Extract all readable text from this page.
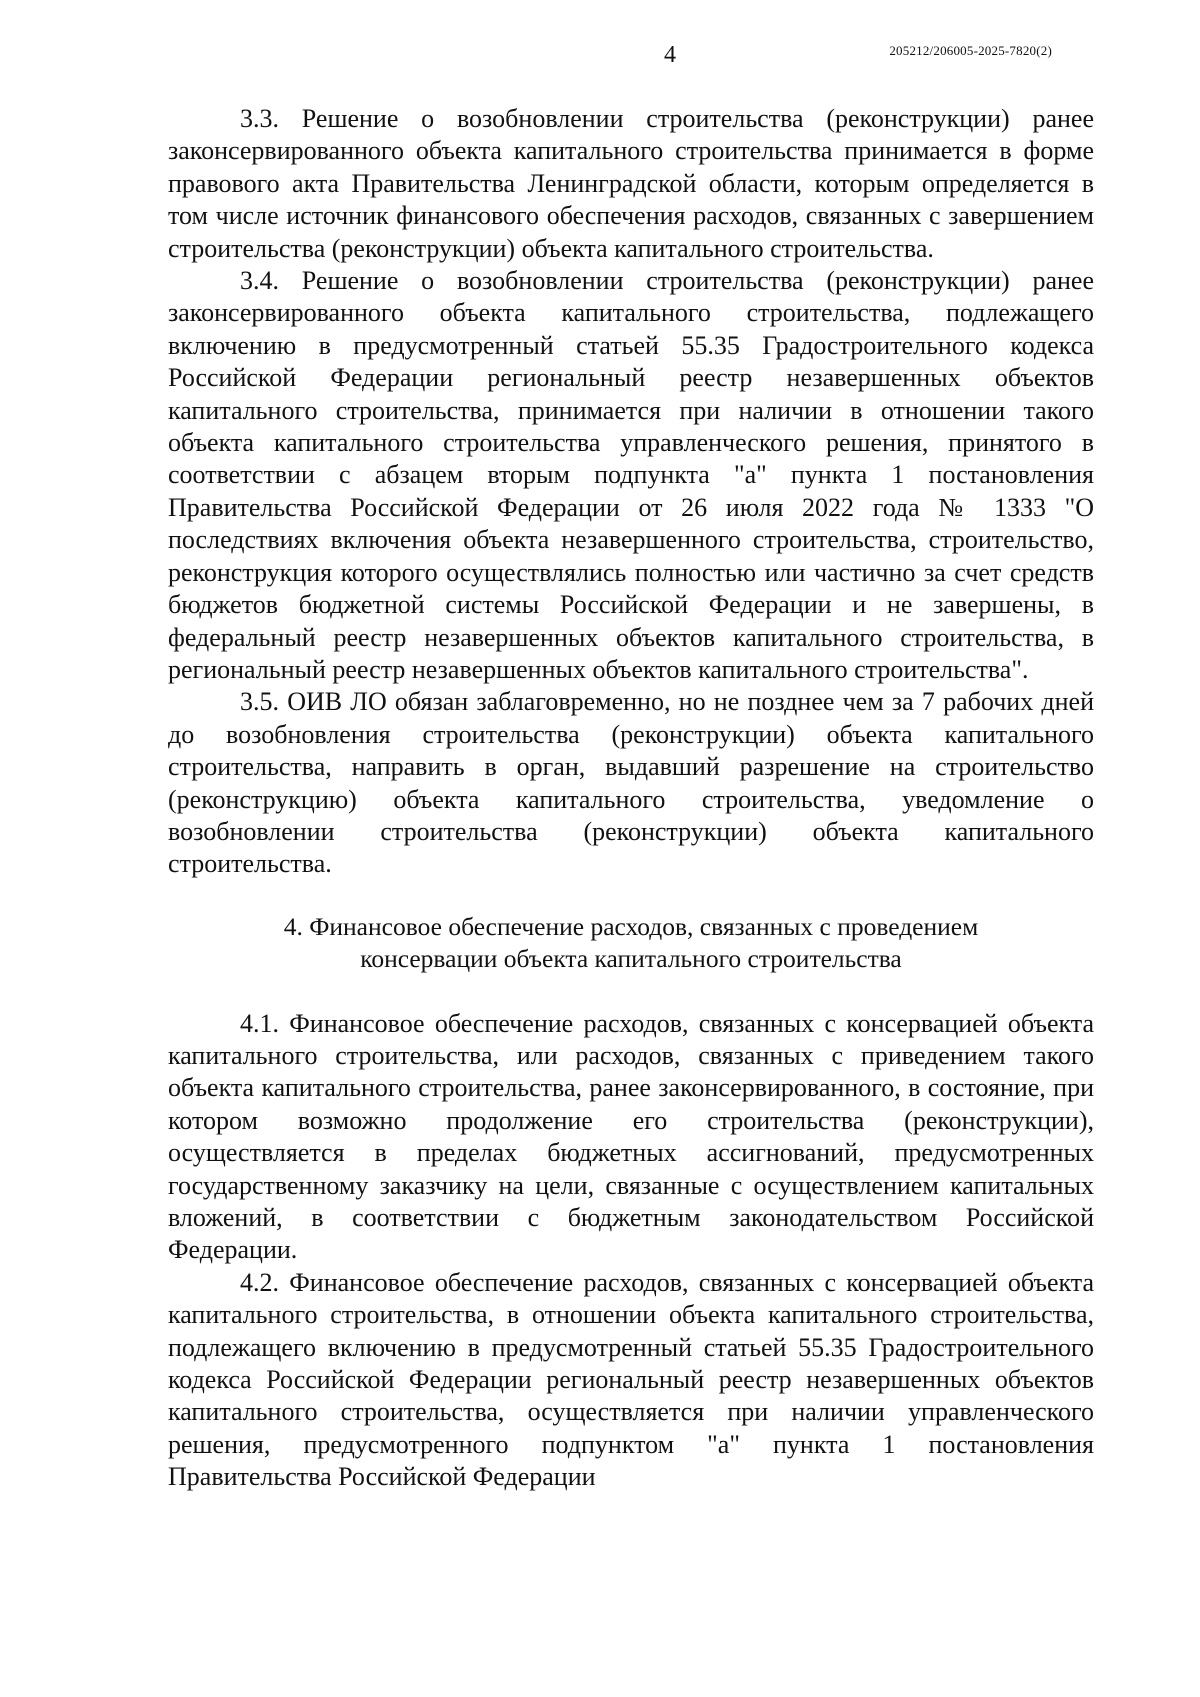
4	205212/206005-2025-7820(2)

3.3. Решение о возобновлении строительства (реконструкции) ранее законсервированного объекта капитального строительства принимается в форме правового акта Правительства Ленинградской области, которым определяется в том числе источник финансового обеспечения расходов, связанных с завершением строительства (реконструкции) объекта капитального строительства.

3.4. Решение о возобновлении строительства (реконструкции) ранее законсервированного объекта капитального строительства, подлежащего включению в предусмотренный статьей 55.35 Градостроительного кодекса Российской Федерации региональный реестр незавершенных объектов капитального строительства, принимается при наличии в отношении такого объекта капитального строительства управленческого решения, принятого в соответствии с абзацем вторым подпункта "а" пункта 1 постановления Правительства Российской Федерации от 26 июля 2022 года № 1333 "О последствиях включения объекта незавершенного строительства, строительство, реконструкция которого осуществлялись полностью или частично за счет средств бюджетов бюджетной системы Российской Федерации и не завершены, в федеральный реестр незавершенных объектов капитального строительства, в региональный реестр незавершенных объектов капитального строительства".

3.5. ОИВ ЛО обязан заблаговременно, но не позднее чем за 7 рабочих дней до возобновления строительства (реконструкции) объекта капитального строительства, направить в орган, выдавший разрешение на строительство (реконструкцию) объекта капитального строительства, уведомление о возобновлении строительства (реконструкции) объекта капитального строительства.

4. Финансовое обеспечение расходов, связанных с проведением
консервации объекта капитального строительства

4.1. Финансовое обеспечение расходов, связанных с консервацией объекта капитального строительства, или расходов, связанных с приведением такого объекта капитального строительства, ранее законсервированного, в состояние, при котором возможно продолжение его строительства (реконструкции), осуществляется в пределах бюджетных ассигнований, предусмотренных государственному заказчику на цели, связанные с осуществлением капитальных вложений, в соответствии с бюджетным законодательством Российской Федерации.

4.2. Финансовое обеспечение расходов, связанных с консервацией объекта капитального строительства, в отношении объекта капитального строительства, подлежащего включению в предусмотренный статьей 55.35 Градостроительного кодекса Российской Федерации региональный реестр незавершенных объектов капитального строительства, осуществляется при наличии управленческого решения, предусмотренного подпунктом "а" пункта 1 постановления Правительства Российской Федерации
